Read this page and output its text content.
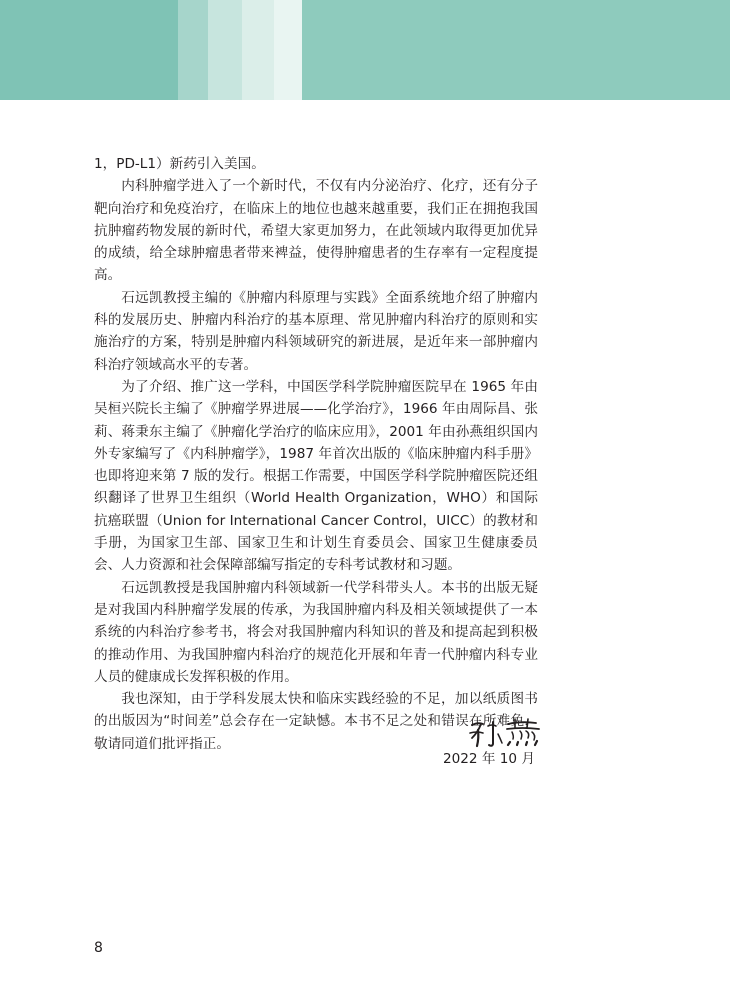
1，PD-L1）新药引入美国。

内科肿瘤学进入了一个新时代，不仅有内分泌治疗、化疗，还有分子靶向治疗和免疫治疗，在临床上的地位也越来越重要，我们正在拥抱我国抗肿瘤药物发展的新时代，希望大家更加努力，在此领域内取得更加优异的成绩，给全球肿瘤患者带来裨益，使得肿瘤患者的生存率有一定程度提高。

石远凯教授主编的《肿瘤内科原理与实践》全面系统地介绍了肿瘤内科的发展历史、肿瘤内科治疗的基本原理、常见肿瘤内科治疗的原则和实施治疗的方案，特别是肿瘤内科领域研究的新进展，是近年来一部肿瘤内科治疗领域高水平的专著。

为了介绍、推广这一学科，中国医学科学院肿瘤医院早在 1965 年由吴桓兴院长主编了《肿瘤学界进展——化学治疗》，1966 年由周际昌、张莉、蒋秉东主编了《肿瘤化学治疗的临床应用》，2001 年由孙燕组织国内外专家编写了《内科肿瘤学》，1987 年首次出版的《临床肿瘤内科手册》也即将迎来第 7 版的发行。根据工作需要，中国医学科学院肿瘤医院还组织翻译了世界卫生组织（World Health Organization，WHO）和国际抗癌联盟（Union for International Cancer Control，UICC）的教材和手册，为国家卫生部、国家卫生和计划生育委员会、国家卫生健康委员会、人力资源和社会保障部编写指定的专科考试教材和习题。

石远凯教授是我国肿瘤内科领域新一代学科带头人。本书的出版无疑是对我国内科肿瘤学发展的传承，为我国肿瘤内科及相关领域提供了一本系统的内科治疗参考书，将会对我国肿瘤内科知识的普及和提高起到积极的推动作用、为我国肿瘤内科治疗的规范化开展和年青一代肿瘤内科专业人员的健康成长发挥积极的作用。

我也深知，由于学科发展太快和临床实践经验的不足，加以纸质图书的出版因为“时间差”总会存在一定缺憾。本书不足之处和错误在所难免，敬请同道们批评指正。

2022 年 10 月
8
